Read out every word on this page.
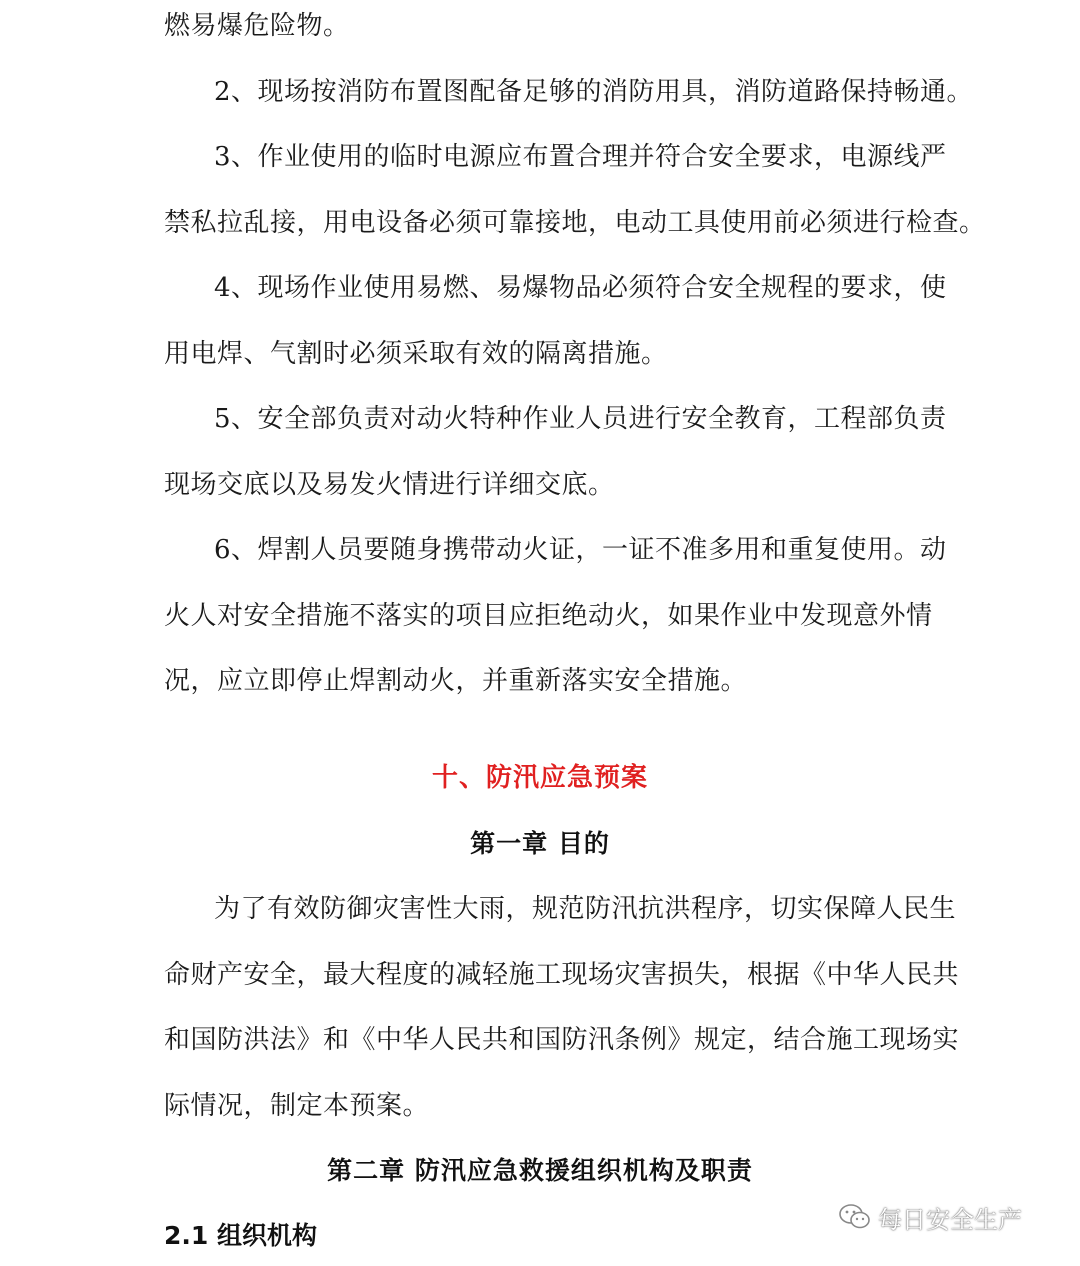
燃易爆危险物。
2、现场按消防布置图配备足够的消防用具，消防道路保持畅通。
3、作业使用的临时电源应布置合理并符合安全要求，电源线严
禁私拉乱接，用电设备必须可靠接地，电动工具使用前必须进行检查。
4、现场作业使用易燃、易爆物品必须符合安全规程的要求，使
用电焊、气割时必须采取有效的隔离措施。
5、安全部负责对动火特种作业人员进行安全教育，工程部负责
现场交底以及易发火情进行详细交底。
6、焊割人员要随身携带动火证，一证不准多用和重复使用。动
火人对安全措施不落实的项目应拒绝动火，如果作业中发现意外情
况，应立即停止焊割动火，并重新落实安全措施。
十、防汛应急预案
第一章 目的
为了有效防御灾害性大雨，规范防汛抗洪程序，切实保障人民生
命财产安全，最大程度的减轻施工现场灾害损失，根据《中华人民共
和国防洪法》和《中华人民共和国防汛条例》规定，结合施工现场实
际情况，制定本预案。
第二章 防汛应急救援组织机构及职责
2.1 组织机构
每日安全生产
